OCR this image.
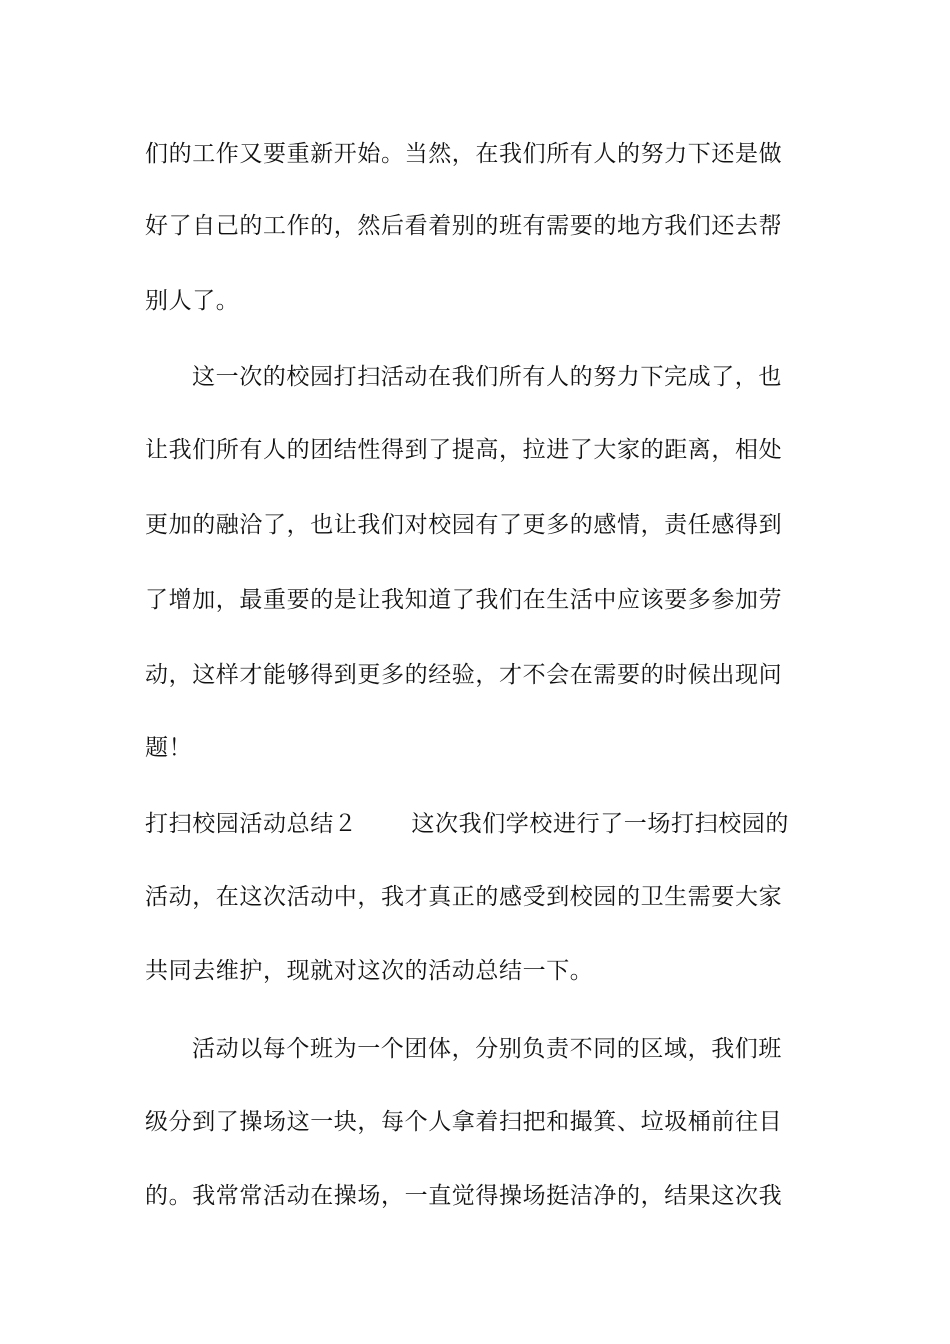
们的工作又要重新开始。当然，在我们所有人的努力下还是做
好了自己的工作的，然后看着别的班有需要的地方我们还去帮
别人了。
这一次的校园打扫活动在我们所有人的努力下完成了，也
让我们所有人的团结性得到了提高，拉进了大家的距离，相处
更加的融洽了，也让我们对校园有了更多的感情，责任感得到
了增加，最重要的是让我知道了我们在生活中应该要多参加劳
动，这样才能够得到更多的经验，才不会在需要的时候出现问
题！
打扫校园活动总结２ 这次我们学校进行了一场打扫校园的
活动，在这次活动中，我才真正的感受到校园的卫生需要大家
共同去维护，现就对这次的活动总结一下。
活动以每个班为一个团体，分别负责不同的区域，我们班
级分到了操场这一块，每个人拿着扫把和撮箕、垃圾桶前往目
的。我常常活动在操场，一直觉得操场挺洁净的，结果这次我
